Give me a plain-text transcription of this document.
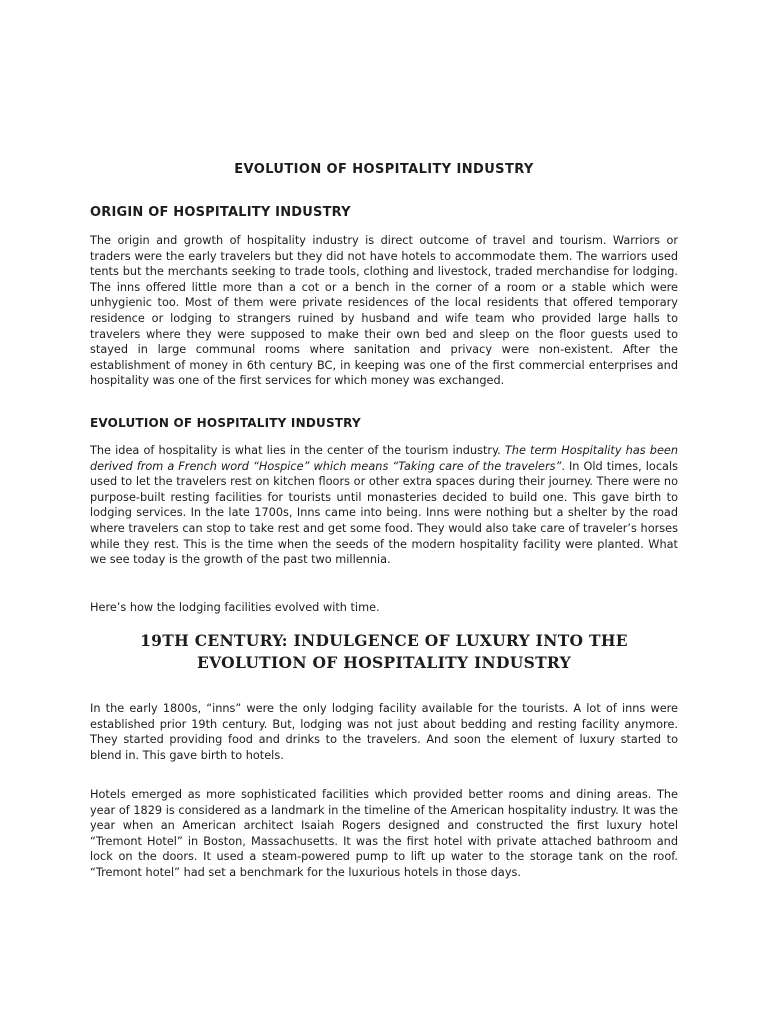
EVOLUTION OF HOSPITALITY INDUSTRY
ORIGIN OF HOSPITALITY INDUSTRY

The origin and growth of hospitality industry is direct outcome of travel and tourism. Warriors or traders were the early travelers but they did not have hotels to accommodate them. The warriors used tents but the merchants seeking to trade tools, clothing and livestock, traded merchandise for lodging. The inns offered little more than a cot or a bench in the corner of a room or a stable which were unhygienic too. Most of them were private residences of the local residents that offered temporary residence or lodging to strangers ruined by husband and wife team who provided large halls to travelers where they were supposed to make their own bed and sleep on the floor guests used to stayed in large communal rooms where sanitation and privacy were non-existent. After the establishment of money in 6th century BC, in keeping was one of the first commercial enterprises and hospitality was one of the first services for which money was exchanged.

EVOLUTION OF HOSPITALITY INDUSTRY

The idea of hospitality is what lies in the center of the tourism industry. The term Hospitality has been derived from a French word “Hospice” which means “Taking care of the travelers”. In Old times, locals used to let the travelers rest on kitchen floors or other extra spaces during their journey. There were no purpose-built resting facilities for tourists until monasteries decided to build one. This gave birth to lodging services. In the late 1700s, Inns came into being. Inns were nothing but a shelter by the road where travelers can stop to take rest and get some food. They would also take care of traveler’s horses while they rest. This is the time when the seeds of the modern hospitality facility were planted. What we see today is the growth of the past two millennia.

Here’s how the lodging facilities evolved with time.

19TH CENTURY: INDULGENCE OF LUXURY INTO THE EVOLUTION OF HOSPITALITY INDUSTRY

In the early 1800s, “inns” were the only lodging facility available for the tourists. A lot of inns were established prior 19th century. But, lodging was not just about bedding and resting facility anymore. They started providing food and drinks to the travelers. And soon the element of luxury started to blend in. This gave birth to hotels.

Hotels emerged as more sophisticated facilities which provided better rooms and dining areas. The year of 1829 is considered as a landmark in the timeline of the American hospitality industry. It was the year when an American architect Isaiah Rogers designed and constructed the first luxury hotel “Tremont Hotel” in Boston, Massachusetts. It was the first hotel with private attached bathroom and lock on the doors. It used a steam-powered pump to lift up water to the storage tank on the roof. “Tremont hotel” had set a benchmark for the luxurious hotels in those days.
